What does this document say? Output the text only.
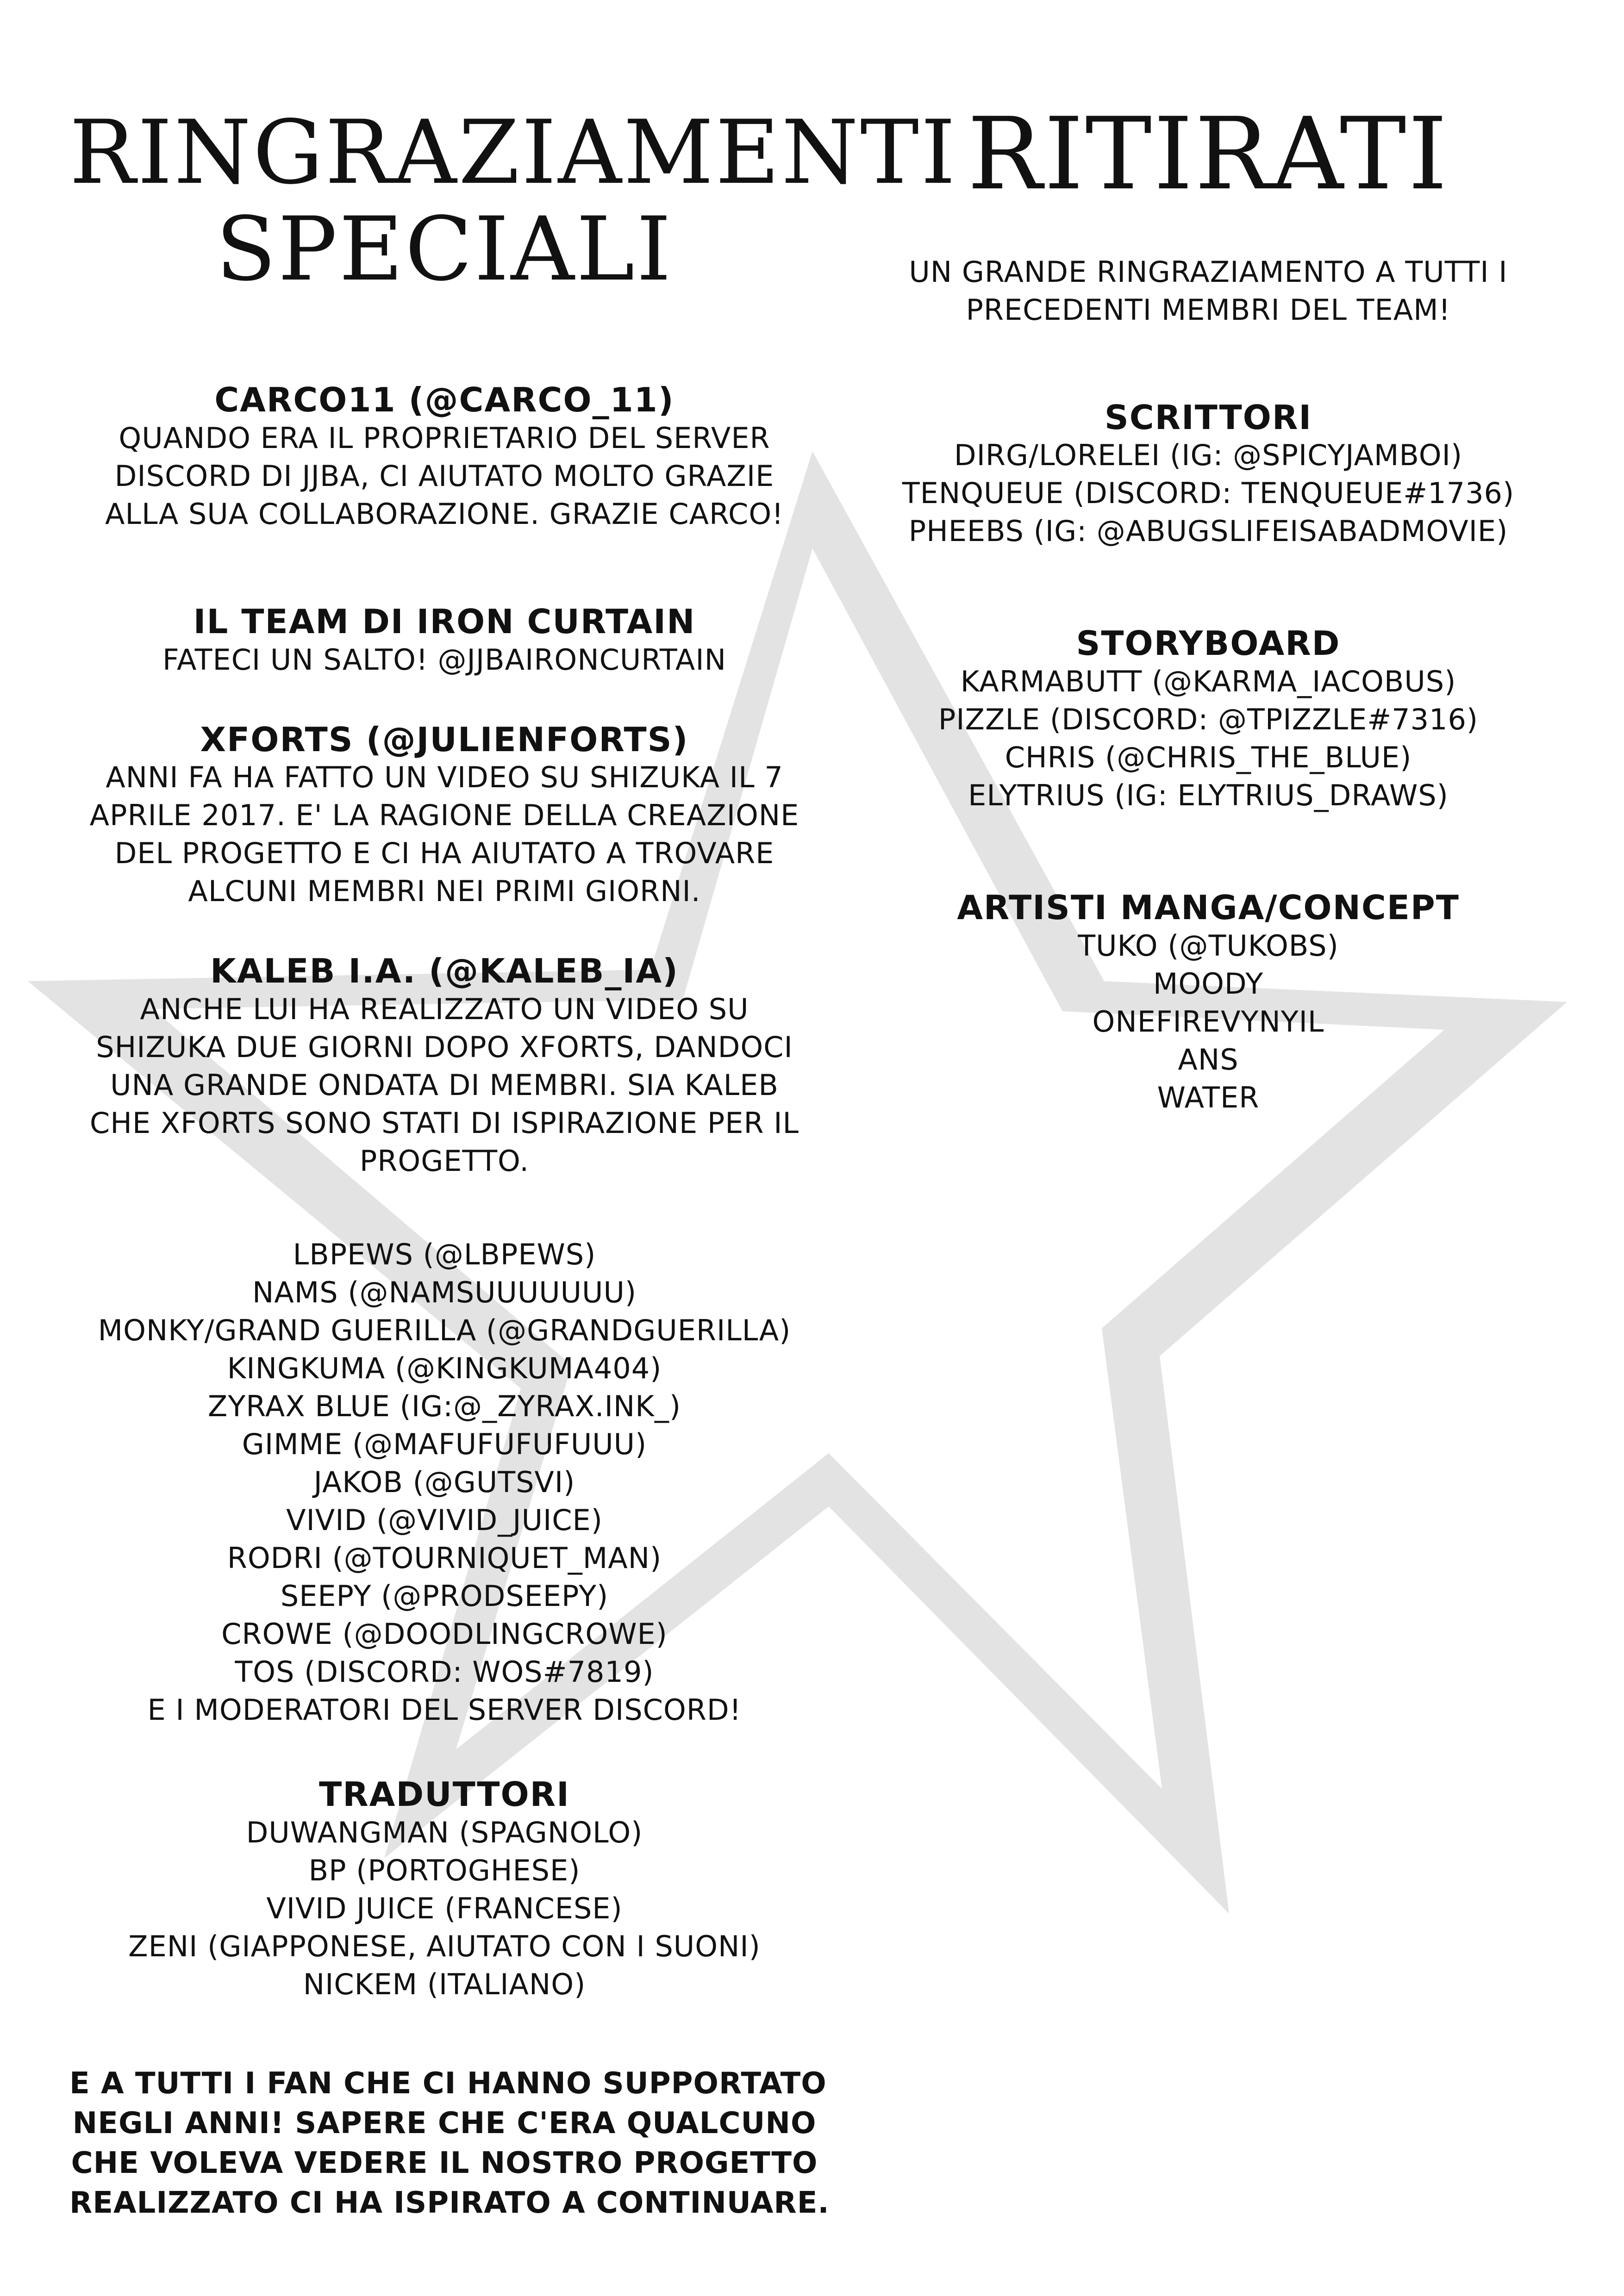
RINGRAZIAMENTI
SPECIALI
CARCO11 (@CARCO_11)
QUANDO ERA IL PROPRIETARIO DEL SERVER
DISCORD DI JJBA, CI AIUTATO MOLTO GRAZIE
ALLA SUA COLLABORAZIONE. GRAZIE CARCO!
IL TEAM DI IRON CURTAIN
FATECI UN SALTO! @JJBAIRONCURTAIN
XFORTS (@JULIENFORTS)
ANNI FA HA FATTO UN VIDEO SU SHIZUKA IL 7
APRILE 2017. E' LA RAGIONE DELLA CREAZIONE
DEL PROGETTO E CI HA AIUTATO A TROVARE
ALCUNI MEMBRI NEI PRIMI GIORNI.
KALEB I.A. (@KALEB_IA)
ANCHE LUI HA REALIZZATO UN VIDEO SU
SHIZUKA DUE GIORNI DOPO XFORTS, DANDOCI
UNA GRANDE ONDATA DI MEMBRI. SIA KALEB
CHE XFORTS SONO STATI DI ISPIRAZIONE PER IL
PROGETTO.
LBPEWS (@LBPEWS)
NAMS (@NAMSUUUUUUU)
MONKY/GRAND GUERILLA (@GRANDGUERILLA)
KINGKUMA (@KINGKUMA404)
ZYRAX BLUE (IG:@_ZYRAX.INK_)
GIMME (@MAFUFUFUFUUU)
JAKOB (@GUTSVI)
VIVID (@VIVID_JUICE)
RODRI (@TOURNIQUET_MAN)
SEEPY (@PRODSEEPY)
CROWE (@DOODLINGCROWE)
TOS (DISCORD: WOS#7819)
E I MODERATORI DEL SERVER DISCORD!
TRADUTTORI
DUWANGMAN (SPAGNOLO)
BP (PORTOGHESE)
VIVID JUICE (FRANCESE)
ZENI (GIAPPONESE, AIUTATO CON I SUONI)
NICKEM (ITALIANO)
E A TUTTI I FAN CHE CI HANNO SUPPORTATO
NEGLI ANNI! SAPERE CHE C'ERA QUALCUNO
CHE VOLEVA VEDERE IL NOSTRO PROGETTO
REALIZZATO CI HA ISPIRATO A CONTINUARE.
RITIRATI
UN GRANDE RINGRAZIAMENTO A TUTTI I
PRECEDENTI MEMBRI DEL TEAM!
SCRITTORI
DIRG/LORELEI (IG: @SPICYJAMBOI)
TENQUEUE (DISCORD: TENQUEUE#1736)
PHEEBS (IG: @ABUGSLIFEISABADMOVIE)
STORYBOARD
KARMABUTT (@KARMA_IACOBUS)
PIZZLE (DISCORD: @TPIZZLE#7316)
CHRIS (@CHRIS_THE_BLUE)
ELYTRIUS (IG: ELYTRIUS_DRAWS)
ARTISTI MANGA/CONCEPT
TUKO (@TUKOBS)
MOODY
ONEFIREVYNYIL
ANS
WATER
